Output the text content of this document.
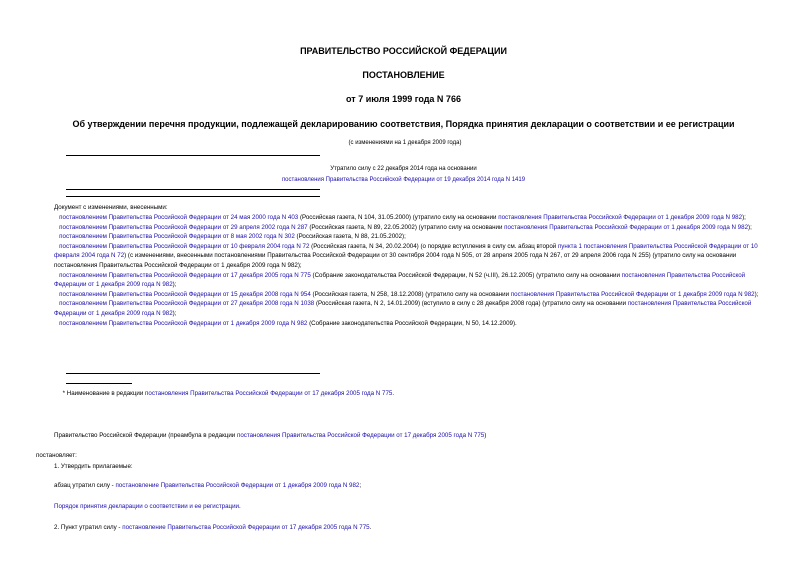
ПРАВИТЕЛЬСТВО РОССИЙСКОЙ ФЕДЕРАЦИИ
ПОСТАНОВЛЕНИЕ
от 7 июля 1999 года N 766
Об утверждении перечня продукции, подлежащей декларированию соответствия, Порядка принятия декларации о соответствии и ее регистрации
(с изменениями на 1 декабря 2009 года)
Утратило силу с 22 декабря 2014 года на основании
постановления Правительства Российской Федерации от 19 декабря 2014 года N 1419
Документ с изменениями, внесенными:
постановлением Правительства Российской Федерации от 24 мая 2000 года N 403 (Российская газета, N 104, 31.05.2000) (утратило силу на основании постановления Правительства Российской Федерации от 1 декабря 2009 года N 982);
постановлением Правительства Российской Федерации от 29 апреля 2002 года N 287 (Российская газета, N 89, 22.05.2002) (утратило силу на основании постановления Правительства Российской Федерации от 1 декабря 2009 года N 982);
постановлением Правительства Российской Федерации от 8 мая 2002 года N 302 (Российская газета, N 88, 21.05.2002);
постановлением Правительства Российской Федерации от 10 февраля 2004 года N 72 (Российская газета, N 34, 20.02.2004) (о порядке вступления в силу см. абзац второй пункта 1 постановления Правительства Российской Федерации от 10 февраля 2004 года N 72) (с изменениями, внесенными постановлениями Правительства Российской Федерации от 30 сентября 2004 года N 505, от 28 апреля 2005 года N 267, от 29 апреля 2006 года N 255) (утратило силу на основании постановления Правительства Российской Федерации от 1 декабря 2009 года N 982);
постановлением Правительства Российской Федерации от 17 декабря 2005 года N 775 (Собрание законодательства Российской Федерации, N 52 (ч.III), 26.12.2005) (утратило силу на основании постановления Правительства Российской Федерации от 1 декабря 2009 года N 982);
постановлением Правительства Российской Федерации от 15 декабря 2008 года N 954 (Российская газета, N 258, 18.12.2008) (утратило силу на основании постановления Правительства Российской Федерации от 1 декабря 2009 года N 982);
постановлением Правительства Российской Федерации от 27 декабря 2008 года N 1038 (Российская газета, N 2, 14.01.2009) (вступило в силу с 28 декабря 2008 года) (утратило силу на основании постановления Правительства Российской Федерации от 1 декабря 2009 года N 982);
постановлением Правительства Российской Федерации от 1 декабря 2009 года N 982 (Собрание законодательства Российской Федерации, N 50, 14.12.2009).
* Наименование в редакции постановления Правительства Российской Федерации от 17 декабря 2005 года N 775.
Правительство Российской Федерации (преамбула в редакции постановления Правительства Российской Федерации от 17 декабря 2005 года N 775)
постановляет:
1. Утвердить прилагаемые:
абзац утратил силу - постановление Правительства Российской Федерации от 1 декабря 2009 года N 982;
Порядок принятия декларации о соответствии и ее регистрации.
2. Пункт утратил силу - постановление Правительства Российской Федерации от 17 декабря 2005 года N 775.
